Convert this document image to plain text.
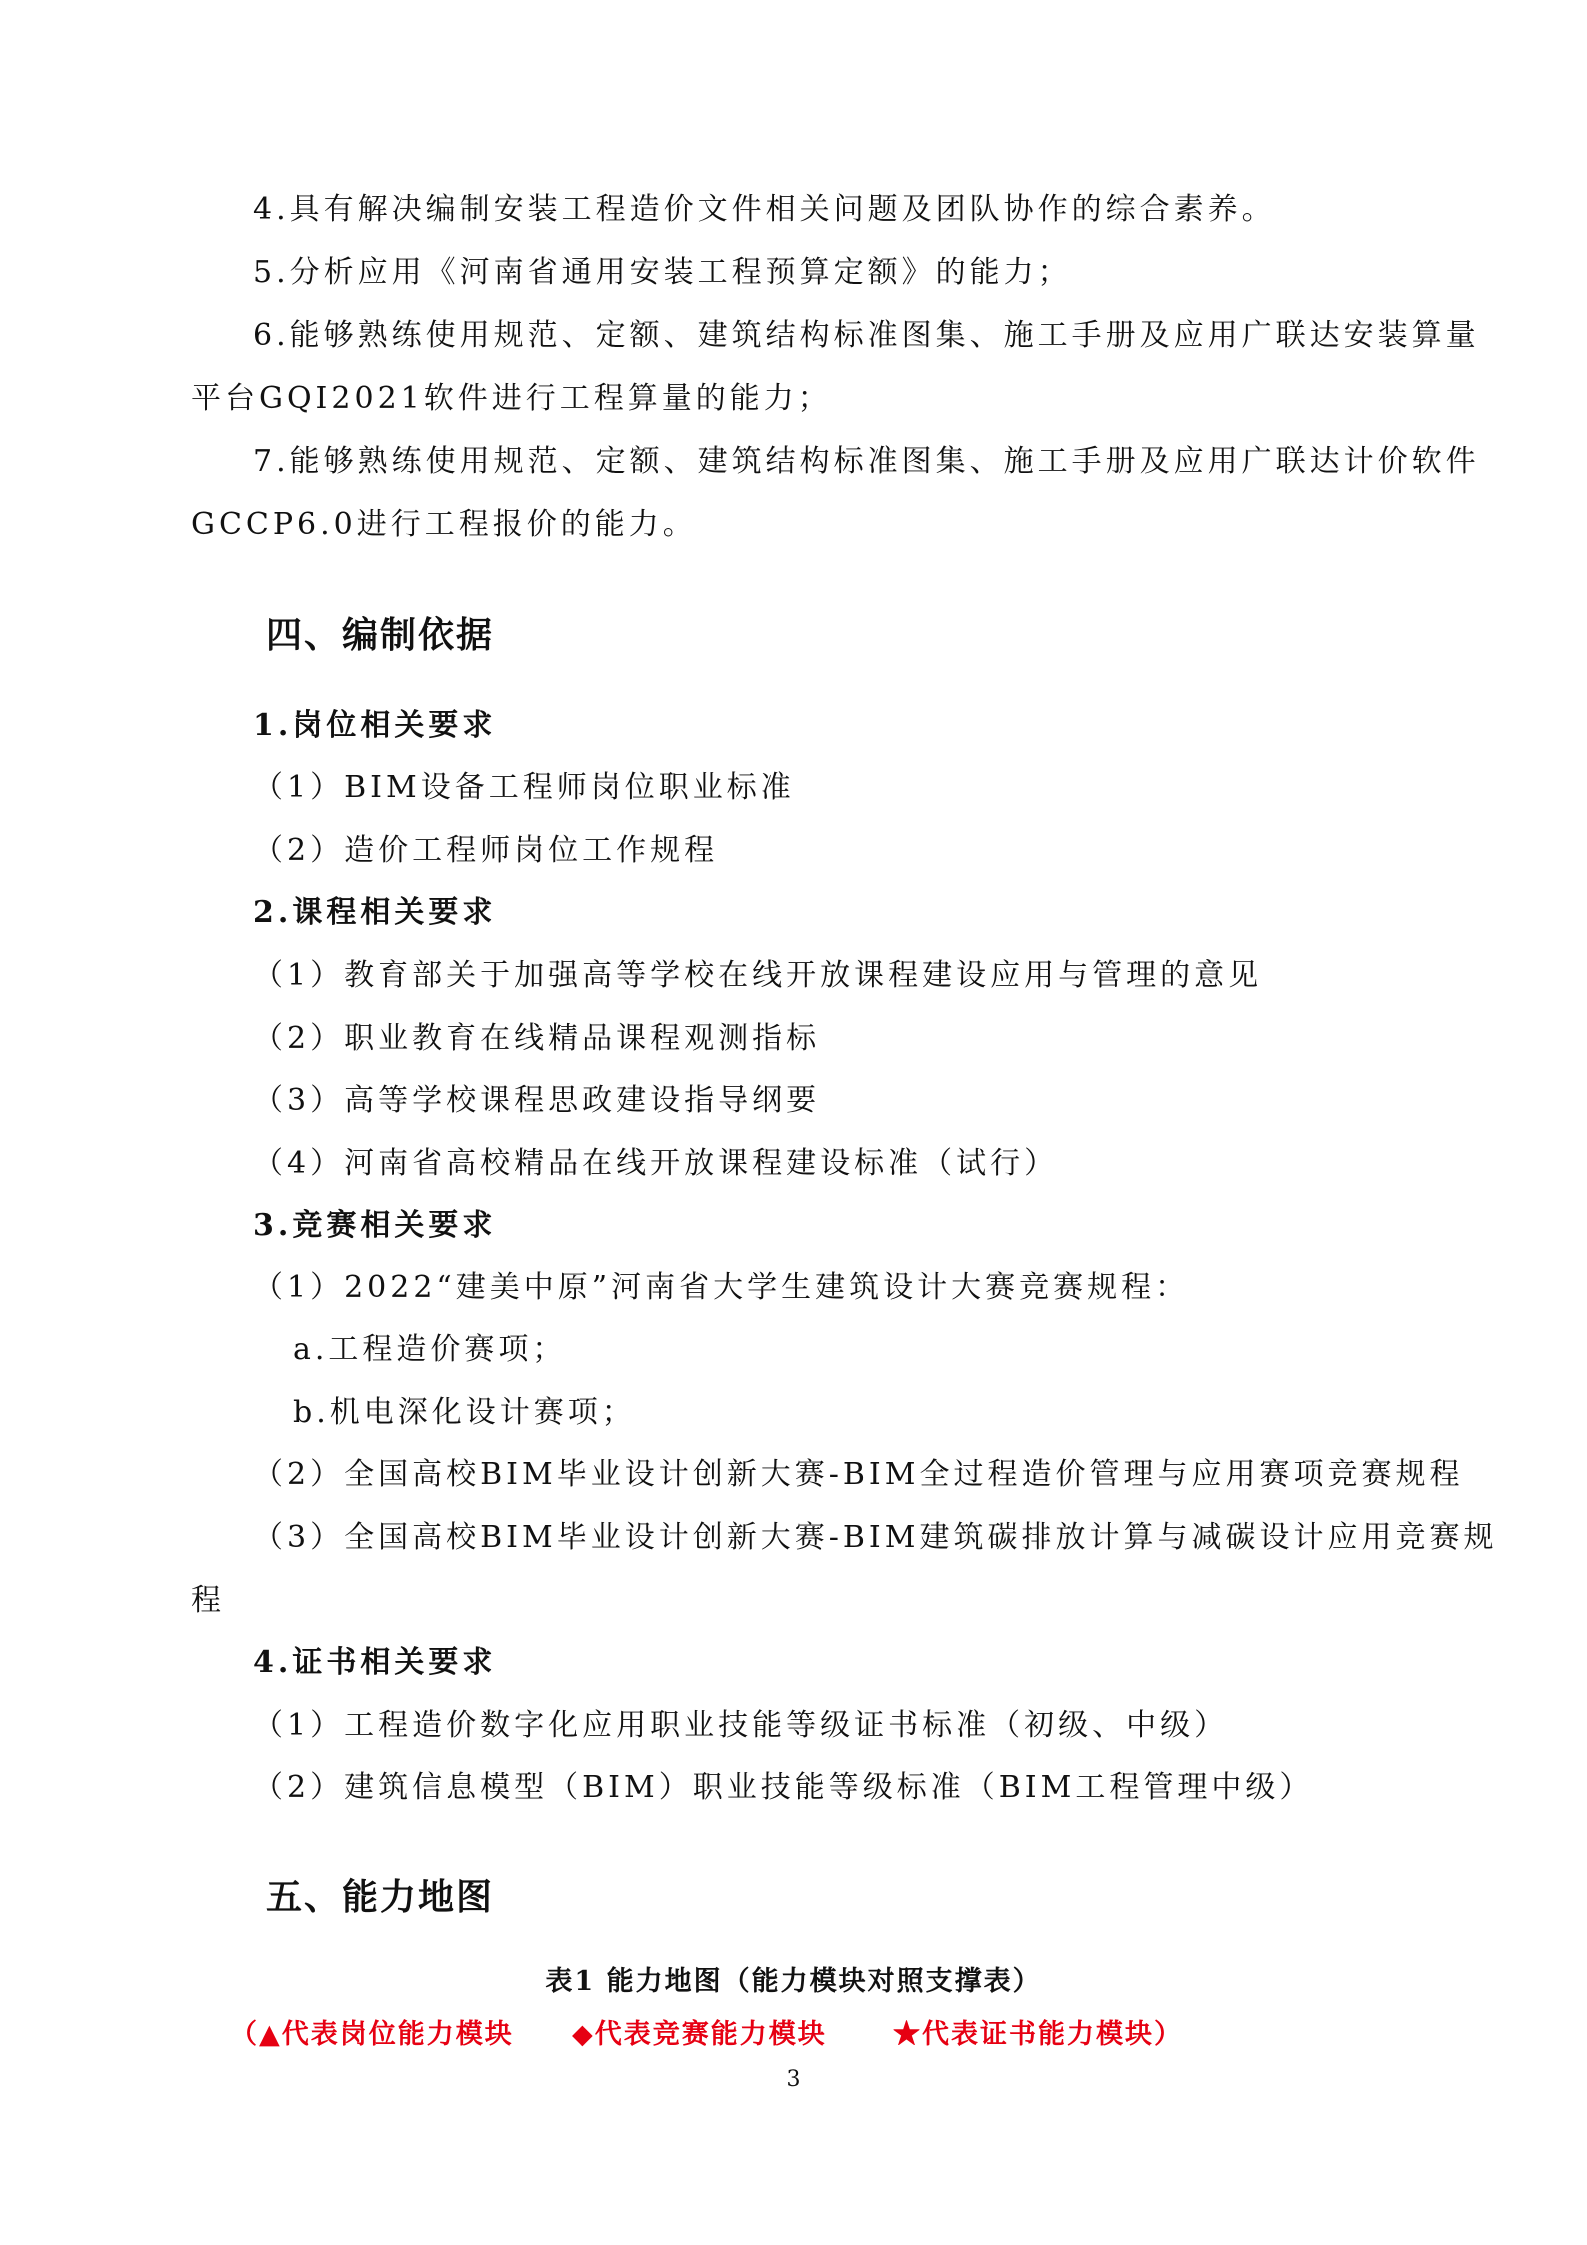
4.具有解决编制安装工程造价文件相关问题及团队协作的综合素养。
5.分析应用《河南省通用安装工程预算定额》的能力；
6.能够熟练使用规范、定额、建筑结构标准图集、施工手册及应用广联达安装算量
平台GQI2021软件进行工程算量的能力；
7.能够熟练使用规范、定额、建筑结构标准图集、施工手册及应用广联达计价软件
GCCP6.0进行工程报价的能力。
四、编制依据
1.岗位相关要求
（1）BIM设备工程师岗位职业标准
（2）造价工程师岗位工作规程
2.课程相关要求
（1）教育部关于加强高等学校在线开放课程建设应用与管理的意见
（2）职业教育在线精品课程观测指标
（3）高等学校课程思政建设指导纲要
（4）河南省高校精品在线开放课程建设标准（试行）
3.竞赛相关要求
（1）2022“建美中原”河南省大学生建筑设计大赛竞赛规程：
a.工程造价赛项；
b.机电深化设计赛项；
（2）全国高校BIM毕业设计创新大赛-BIM全过程造价管理与应用赛项竞赛规程
（3）全国高校BIM毕业设计创新大赛-BIM建筑碳排放计算与减碳设计应用竞赛规
程
4.证书相关要求
（1）工程造价数字化应用职业技能等级证书标准（初级、中级）
（2）建筑信息模型（BIM）职业技能等级标准（BIM工程管理中级）
五、能力地图
表1 能力地图（能力模块对照支撑表）
（▲代表岗位能力模块 ◆代表竞赛能力模块 ★代表证书能力模块）
3
